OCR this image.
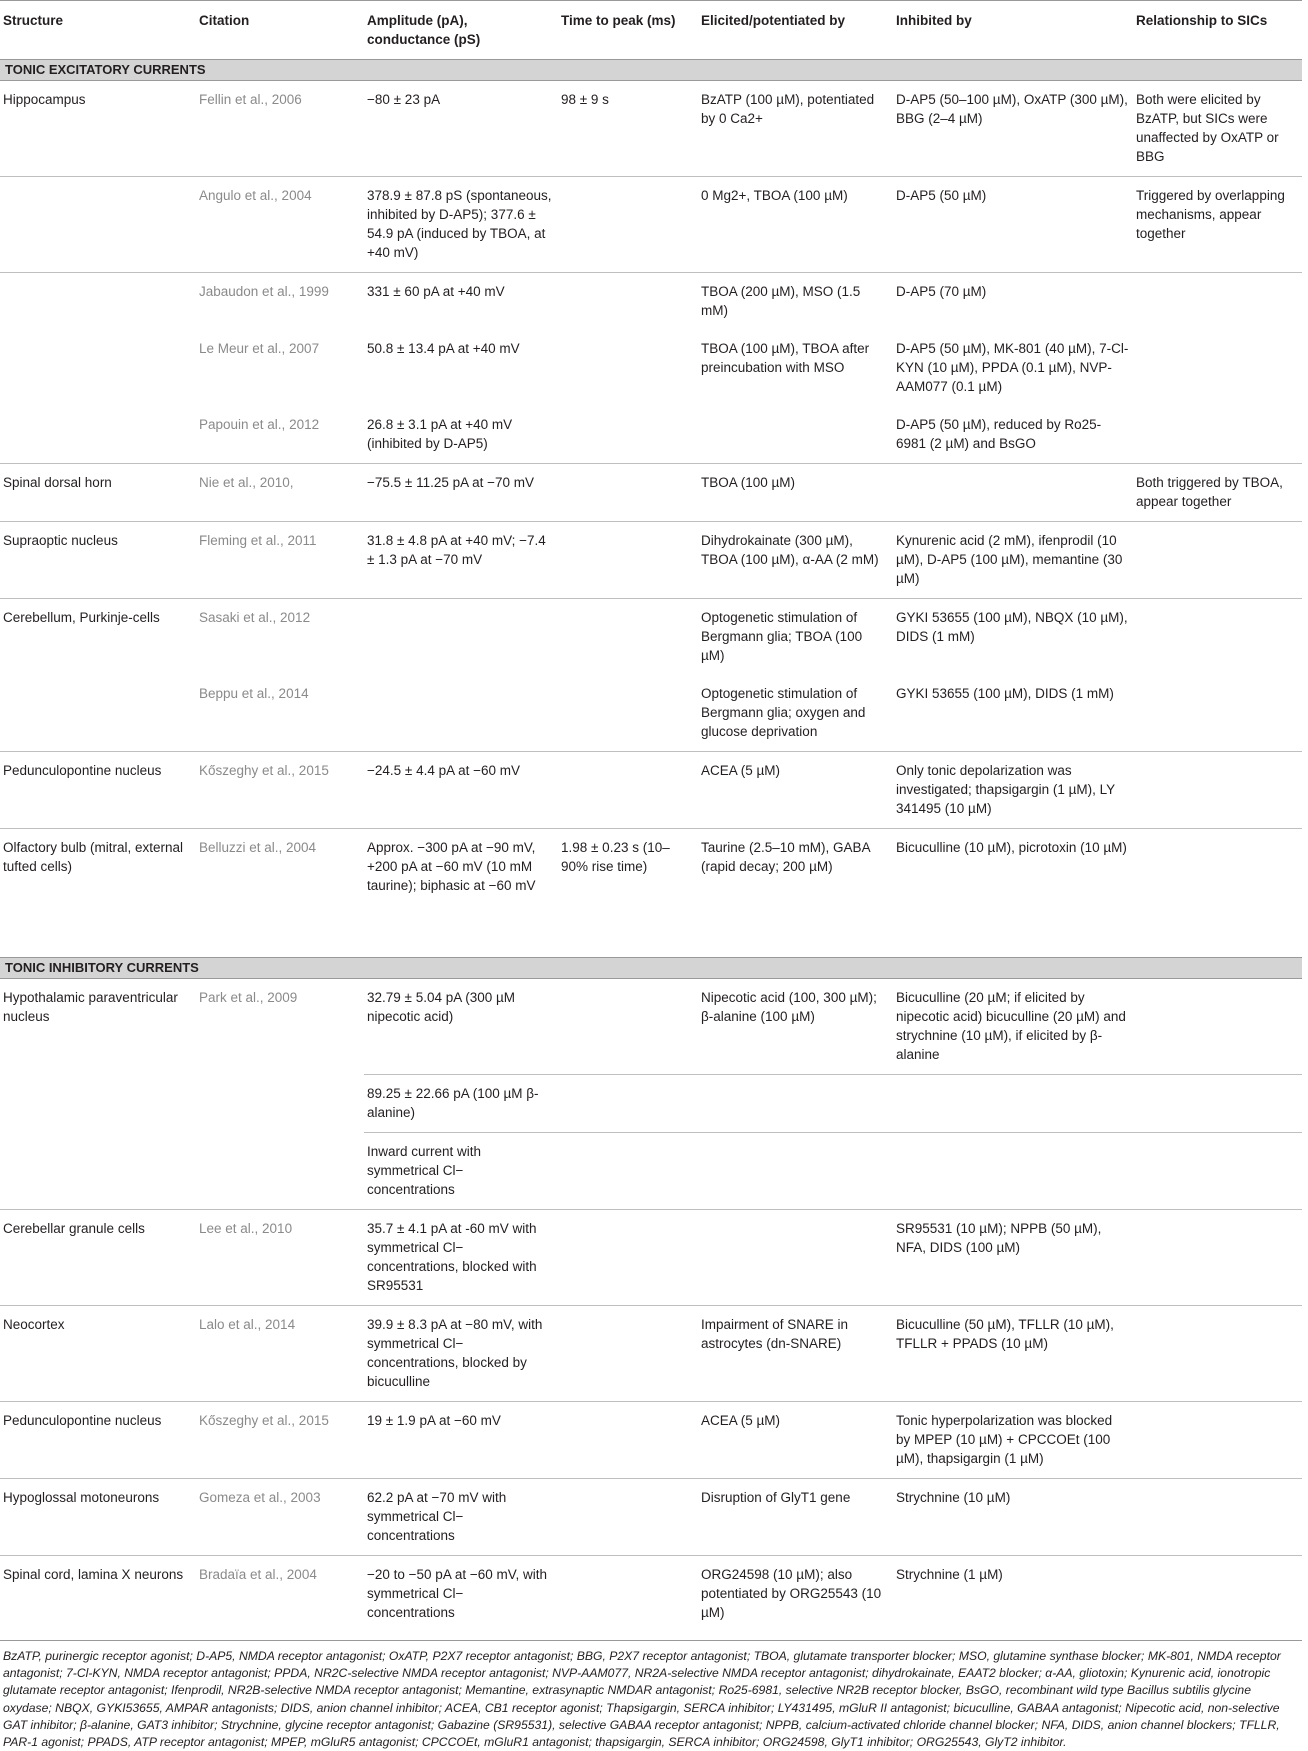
Structure	Citation	Amplitude (pA), conductance (pS)	Time to peak (ms)	Elicited/potentiated by	Inhibited by	Relationship to SICs
TONIC EXCITATORY CURRENTS						
Hippocampus	Fellin et al., 2006	−80 ± 23 pA	98 ± 9 s	BzATP (100 µM), potentiated by 0 Ca2+	D-AP5 (50–100 µM), OxATP (300 µM), BBG (2–4 µM)	Both were elicited by BzATP, but SICs were unaffected by OxATP or BBG
	Angulo et al., 2004	378.9 ± 87.8 pS (spontaneous, inhibited by D-AP5); 377.6 ± 54.9 pA (induced by TBOA, at +40 mV)		0 Mg2+, TBOA (100 µM)	D-AP5 (50 µM)	Triggered by overlapping mechanisms, appear together
	Jabaudon et al., 1999	331 ± 60 pA at +40 mV		TBOA (200 µM), MSO (1.5 mM)	D-AP5 (70 µM)	
	Le Meur et al., 2007	50.8 ± 13.4 pA at +40 mV		TBOA (100 µM), TBOA after preincubation with MSO	D-AP5 (50 µM), MK-801 (40 µM), 7-Cl-KYN (10 µM), PPDA (0.1 µM), NVP-AAM077 (0.1 µM)	
	Papouin et al., 2012	26.8 ± 3.1 pA at +40 mV (inhibited by D-AP5)			D-AP5 (50 µM), reduced by Ro25-6981 (2 µM) and BsGO	
Spinal dorsal horn	Nie et al., 2010,	−75.5 ± 11.25 pA at −70 mV		TBOA (100 µM)		Both triggered by TBOA, appear together
Supraoptic nucleus	Fleming et al., 2011	31.8 ± 4.8 pA at +40 mV; −7.4 ± 1.3 pA at −70 mV		Dihydrokainate (300 µM), TBOA (100 µM), α-AA (2 mM)	Kynurenic acid (2 mM), ifenprodil (10 µM), D-AP5 (100 µM), memantine (30 µM)	
Cerebellum, Purkinje-cells	Sasaki et al., 2012			Optogenetic stimulation of Bergmann glia; TBOA (100 µM)	GYKI 53655 (100 µM), NBQX (10 µM), DIDS (1 mM)	
	Beppu et al., 2014			Optogenetic stimulation of Bergmann glia; oxygen and glucose deprivation	GYKI 53655 (100 µM), DIDS (1 mM)	
Pedunculopontine nucleus	Kőszeghy et al., 2015	−24.5 ± 4.4 pA at −60 mV		ACEA (5 µM)	Only tonic depolarization was investigated; thapsigargin (1 µM), LY 341495 (10 µM)	
Olfactory bulb (mitral, external tufted cells)	Belluzzi et al., 2004	Approx. −300 pA at −90 mV, +200 pA at −60 mV (10 mM taurine); biphasic at −60 mV	1.98 ± 0.23 s (10–90% rise time)	Taurine (2.5–10 mM), GABA (rapid decay; 200 µM)	Bicuculline (10 µM), picrotoxin (10 µM)	

TONIC INHIBITORY CURRENTS						
Hypothalamic paraventricular nucleus	Park et al., 2009	32.79 ± 5.04 pA (300 µM nipecotic acid)		Nipecotic acid (100, 300 µM); β-alanine (100 µM)	Bicuculline (20 µM; if elicited by nipecotic acid) bicuculline (20 µM) and strychnine (10 µM), if elicited by β-alanine	
		89.25 ± 22.66 pA (100 µM β-alanine)				
		Inward current with symmetrical Cl− concentrations				
Cerebellar granule cells	Lee et al., 2010	35.7 ± 4.1 pA at -60 mV with symmetrical Cl− concentrations, blocked with SR95531			SR95531 (10 µM); NPPB (50 µM), NFA, DIDS (100 µM)	
Neocortex	Lalo et al., 2014	39.9 ± 8.3 pA at −80 mV, with symmetrical Cl− concentrations, blocked by bicuculline		Impairment of SNARE in astrocytes (dn-SNARE)	Bicuculline (50 µM), TFLLR (10 µM), TFLLR + PPADS (10 µM)	
Pedunculopontine nucleus	Kőszeghy et al., 2015	19 ± 1.9 pA at −60 mV		ACEA (5 µM)	Tonic hyperpolarization was blocked by MPEP (10 µM) + CPCCOEt (100 µM), thapsigargin (1 µM)	
Hypoglossal motoneurons	Gomeza et al., 2003	62.2 pA at −70 mV with symmetrical Cl− concentrations		Disruption of GlyT1 gene	Strychnine (10 µM)	
Spinal cord, lamina X neurons	Bradaïa et al., 2004	−20 to −50 pA at −60 mV, with symmetrical Cl− concentrations		ORG24598 (10 µM); also potentiated by ORG25543 (10 µM)	Strychnine (1 µM)	
BzATP, purinergic receptor agonist; D-AP5, NMDA receptor antagonist; OxATP, P2X7 receptor antagonist; BBG, P2X7 receptor antagonist; TBOA, glutamate transporter blocker; MSO, glutamine synthase blocker; MK-801, NMDA receptor antagonist; 7-Cl-KYN, NMDA receptor antagonist; PPDA, NR2C-selective NMDA receptor antagonist; NVP-AAM077, NR2A-selective NMDA receptor antagonist; dihydrokainate, EAAT2 blocker; α-AA, gliotoxin; Kynurenic acid, ionotropic glutamate receptor antagonist; Ifenprodil, NR2B-selective NMDA receptor antagonist; Memantine, extrasynaptic NMDAR antagonist; Ro25-6981, selective NR2B receptor blocker, BsGO, recombinant wild type Bacillus subtilis glycine oxydase; NBQX, GYKI53655, AMPAR antagonists; DIDS, anion channel inhibitor; ACEA, CB1 receptor agonist; Thapsigargin, SERCA inhibitor; LY431495, mGluR II antagonist; bicuculline, GABAA antagonist; Nipecotic acid, non-selective GAT inhibitor; β-alanine, GAT3 inhibitor; Strychnine, glycine receptor antagonist; Gabazine (SR95531), selective GABAA receptor antagonist; NPPB, calcium-activated chloride channel blocker; NFA, DIDS, anion channel blockers; TFLLR, PAR-1 agonist; PPADS, ATP receptor antagonist; MPEP, mGluR5 antagonist; CPCCOEt, mGluR1 antagonist; thapsigargin, SERCA inhibitor; ORG24598, GlyT1 inhibitor; ORG25543, GlyT2 inhibitor.
